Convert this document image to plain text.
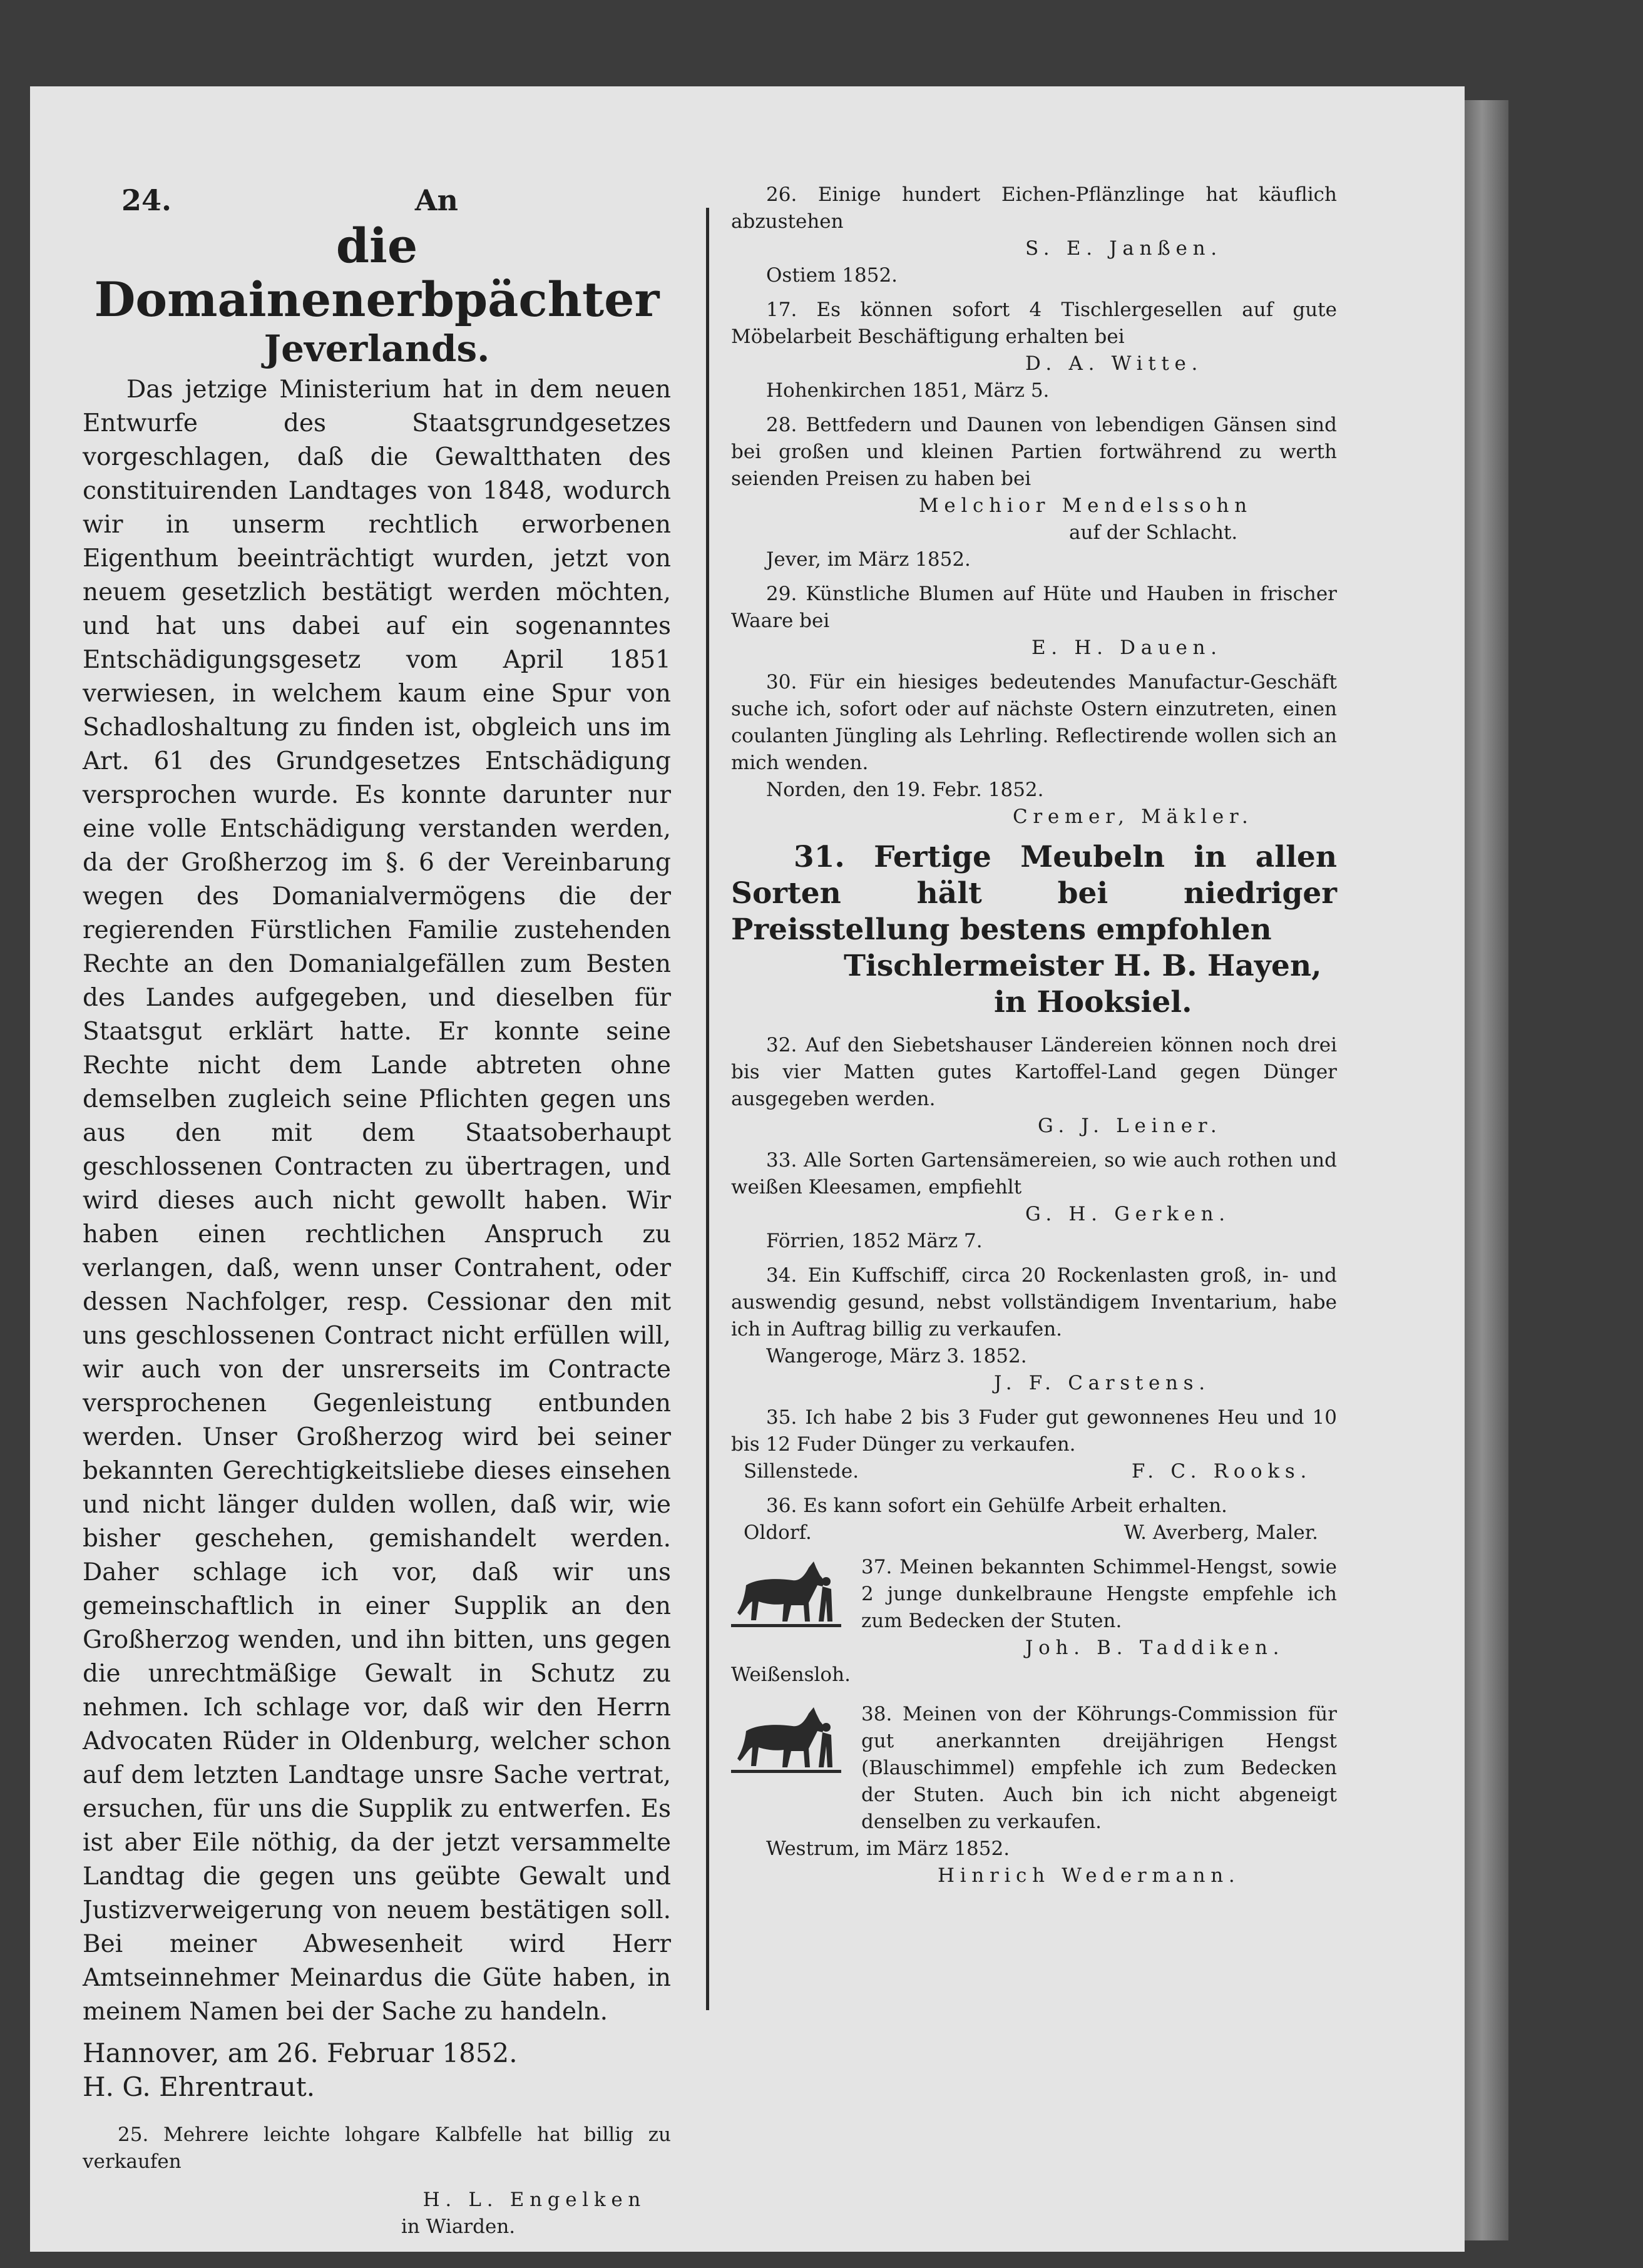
24.	An
die Domainenerbpächter
Jeverlands.

Das jetzige Ministerium hat in dem neuen Entwurfe des Staatsgrundgesetzes vorgeschlagen, daß die Gewaltthaten des constituirenden Landtages von 1848, wodurch wir in unserm rechtlich erworbenen Eigenthum beeinträchtigt wurden, jetzt von neuem gesetzlich bestätigt werden möchten, und hat uns dabei auf ein sogenanntes Entschädigungsgesetz vom April 1851 verwiesen, in welchem kaum eine Spur von Schadloshaltung zu finden ist, obgleich uns im Art. 61 des Grundgesetzes Entschädigung versprochen wurde. Es konnte darunter nur eine volle Entschädigung verstanden werden, da der Großherzog im §. 6 der Vereinbarung wegen des Domanialvermögens die der regierenden Fürstlichen Familie zustehenden Rechte an den Domanialgefällen zum Besten des Landes aufgegeben, und dieselben für Staatsgut erklärt hatte. Er konnte seine Rechte nicht dem Lande abtreten ohne demselben zugleich seine Pflichten gegen uns aus den mit dem Staatsoberhaupt geschlossenen Contracten zu übertragen, und wird dieses auch nicht gewollt haben. Wir haben einen rechtlichen Anspruch zu verlangen, daß, wenn unser Contrahent, oder dessen Nachfolger, resp. Cessionar den mit uns geschlossenen Contract nicht erfüllen will, wir auch von der unsrerseits im Contracte versprochenen Gegenleistung entbunden werden. Unser Großherzog wird bei seiner bekannten Gerechtigkeitsliebe dieses einsehen und nicht länger dulden wollen, daß wir, wie bisher geschehen, gemishandelt werden. Daher schlage ich vor, daß wir uns gemeinschaftlich in einer Supplik an den Großherzog wenden, und ihn bitten, uns gegen die unrechtmäßige Gewalt in Schutz zu nehmen. Ich schlage vor, daß wir den Herrn Advocaten Rüder in Oldenburg, welcher schon auf dem letzten Landtage unsre Sache vertrat, ersuchen, für uns die Supplik zu entwerfen. Es ist aber Eile nöthig, da der jetzt versammelte Landtag die gegen uns geübte Gewalt und Justizverweigerung von neuem bestätigen soll. Bei meiner Abwesenheit wird Herr Amtseinnehmer Meinardus die Güte haben, in meinem Namen bei der Sache zu handeln.

Hannover, am 26. Februar 1852.
H. G. Ehrentraut.

25. Mehrere leichte lohgare Kalbfelle hat billig zu verkaufen

H. L. Engelken
in Wiarden.

26. Einige hundert Eichen-Pflänzlinge hat käuflich abzustehen

S. E. Janßen.
Ostiem 1852.

17. Es können sofort 4 Tischlergesellen auf gute Möbelarbeit Beschäftigung erhalten bei

D. A. Witte.
Hohenkirchen 1851, März 5.

28. Bettfedern und Daunen von lebendigen Gänsen sind bei großen und kleinen Partien fortwährend zu werth seienden Preisen zu haben bei

Melchior Mendelssohn
auf der Schlacht.
Jever, im März 1852.

29. Künstliche Blumen auf Hüte und Hauben in frischer Waare bei

E. H. Dauen.

30. Für ein hiesiges bedeutendes Manufactur-Geschäft suche ich, sofort oder auf nächste Ostern einzutreten, einen coulanten Jüngling als Lehrling. Reflectirende wollen sich an mich wenden.

Norden, den 19. Febr. 1852.
Cremer, Mäkler.
31. Fertige Meubeln in allen Sorten hält bei niedriger Preisstellung bestens empfohlen
Tischlermeister H. B. Hayen,
in Hooksiel.

32. Auf den Siebetshauser Ländereien können noch drei bis vier Matten gutes Kartoffel-Land gegen Dünger ausgegeben werden.

G. J. Leiner.

33. Alle Sorten Gartensämereien, so wie auch rothen und weißen Kleesamen, empfiehlt

G. H. Gerken.
Förrien, 1852 März 7.

34. Ein Kuffschiff, circa 20 Rockenlasten groß, in- und auswendig gesund, nebst vollständigem Inventarium, habe ich in Auftrag billig zu verkaufen.

Wangeroge, März 3. 1852.
J. F. Carstens.

35. Ich habe 2 bis 3 Fuder gut gewonnenes Heu und 10 bis 12 Fuder Dünger zu verkaufen.

Sillenstede.	F. C. Rooks.

36. Es kann sofort ein Gehülfe Arbeit erhalten.

Oldorf.	W. Averberg, Maler.

37. Meinen bekannten Schimmel-Hengst, sowie 2 junge dunkelbraune Hengste empfehle ich zum Bedecken der Stuten.

Joh. B. Taddiken.
Weißensloh.

38. Meinen von der Köhrungs-Commission für gut anerkannten dreijährigen Hengst (Blauschimmel) empfehle ich zum Bedecken der Stuten. Auch bin ich nicht abgeneigt denselben zu verkaufen.

Westrum, im März 1852.
Hinrich Wedermann.
